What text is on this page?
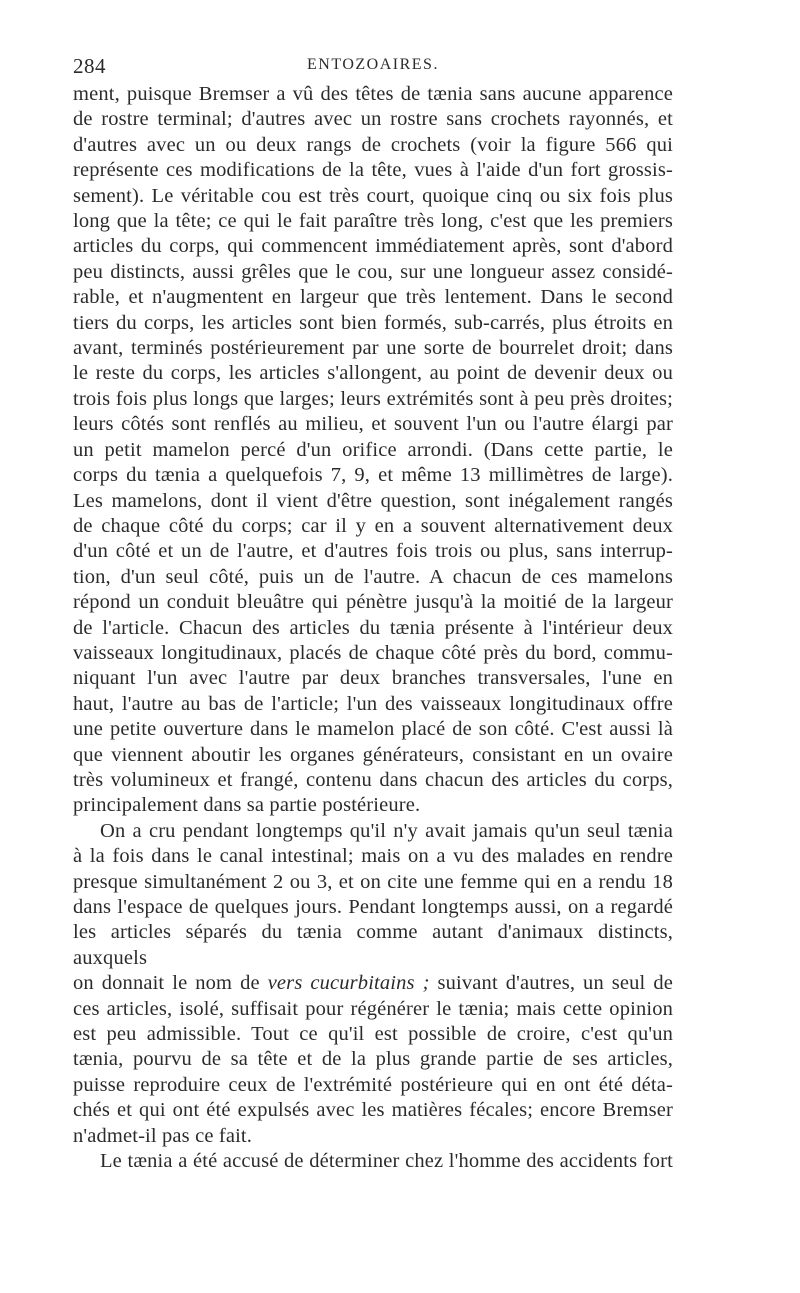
284	ENTOZOAIRES.

ment, puisque Bremser a vû des têtes de tænia sans aucune apparence

de rostre terminal; d'autres avec un rostre sans crochets rayonnés, et

d'autres avec un ou deux rangs de crochets (voir la figure 566 qui

représente ces modifications de la tête, vues à l'aide d'un fort grossis-

sement). Le véritable cou est très court, quoique cinq ou six fois plus

long que la tête; ce qui le fait paraître très long, c'est que les premiers

articles du corps, qui commencent immédiatement après, sont d'abord

peu distincts, aussi grêles que le cou, sur une longueur assez considé-

rable, et n'augmentent en largeur que très lentement. Dans le second

tiers du corps, les articles sont bien formés, sub-carrés, plus étroits en

avant, terminés postérieurement par une sorte de bourrelet droit; dans

le reste du corps, les articles s'allongent, au point de devenir deux ou

trois fois plus longs que larges; leurs extrémités sont à peu près droites;

leurs côtés sont renflés au milieu, et souvent l'un ou l'autre élargi par

un petit mamelon percé d'un orifice arrondi. (Dans cette partie, le

corps du tænia a quelquefois 7, 9, et même 13 millimètres de large).

Les mamelons, dont il vient d'être question, sont inégalement rangés

de chaque côté du corps; car il y en a souvent alternativement deux

d'un côté et un de l'autre, et d'autres fois trois ou plus, sans interrup-

tion, d'un seul côté, puis un de l'autre. A chacun de ces mamelons

répond un conduit bleuâtre qui pénètre jusqu'à la moitié de la largeur

de l'article. Chacun des articles du tænia présente à l'intérieur deux

vaisseaux longitudinaux, placés de chaque côté près du bord, commu-

niquant l'un avec l'autre par deux branches transversales, l'une en

haut, l'autre au bas de l'article; l'un des vaisseaux longitudinaux offre

une petite ouverture dans le mamelon placé de son côté. C'est aussi là

que viennent aboutir les organes générateurs, consistant en un ovaire

très volumineux et frangé, contenu dans chacun des articles du corps,

principalement dans sa partie postérieure.

On a cru pendant longtemps qu'il n'y avait jamais qu'un seul tænia

à la fois dans le canal intestinal; mais on a vu des malades en rendre

presque simultanément 2 ou 3, et on cite une femme qui en a rendu 18

dans l'espace de quelques jours. Pendant longtemps aussi, on a regardé

les articles séparés du tænia comme autant d'animaux distincts, auxquels

on donnait le nom de vers cucurbitains ; suivant d'autres, un seul de

ces articles, isolé, suffisait pour régénérer le tænia; mais cette opinion

est peu admissible. Tout ce qu'il est possible de croire, c'est qu'un

tænia, pourvu de sa tête et de la plus grande partie de ses articles,

puisse reproduire ceux de l'extrémité postérieure qui en ont été déta-

chés et qui ont été expulsés avec les matières fécales; encore Bremser

n'admet-il pas ce fait.

Le tænia a été accusé de déterminer chez l'homme des accidents fort
